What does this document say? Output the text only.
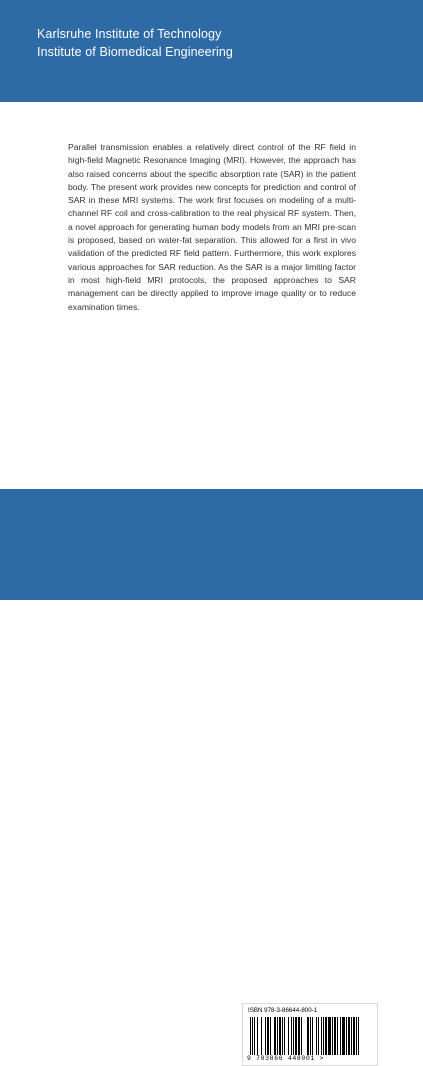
Karlsruhe Institute of Technology
Institute of Biomedical Engineering
Parallel transmission enables a relatively direct control of the RF field in high-field Magnetic Resonance Imaging (MRI). However, the approach has also raised concerns about the specific absorption rate (SAR) in the patient body. The present work provides new concepts for prediction and control of SAR in these MRI systems. The work first focuses on modeling of a multi-channel RF coil and cross-calibration to the real physical RF system. Then, a novel approach for generating human body models from an MRI pre-scan is proposed, based on water-fat separation. This allowed for a first in vivo validation of the predicted RF field pattern. Furthermore, this work explores various approaches for SAR reduction. As the SAR is a major limiting factor in most high-field MRI protocols, the proposed approaches to SAR management can be directly applied to improve image quality or to reduce examination times.
ISSN 1864-5933
ISBN 978-3-86644-800-1
ISBN 978-3-86644-800-1
9 783866 448001 >
